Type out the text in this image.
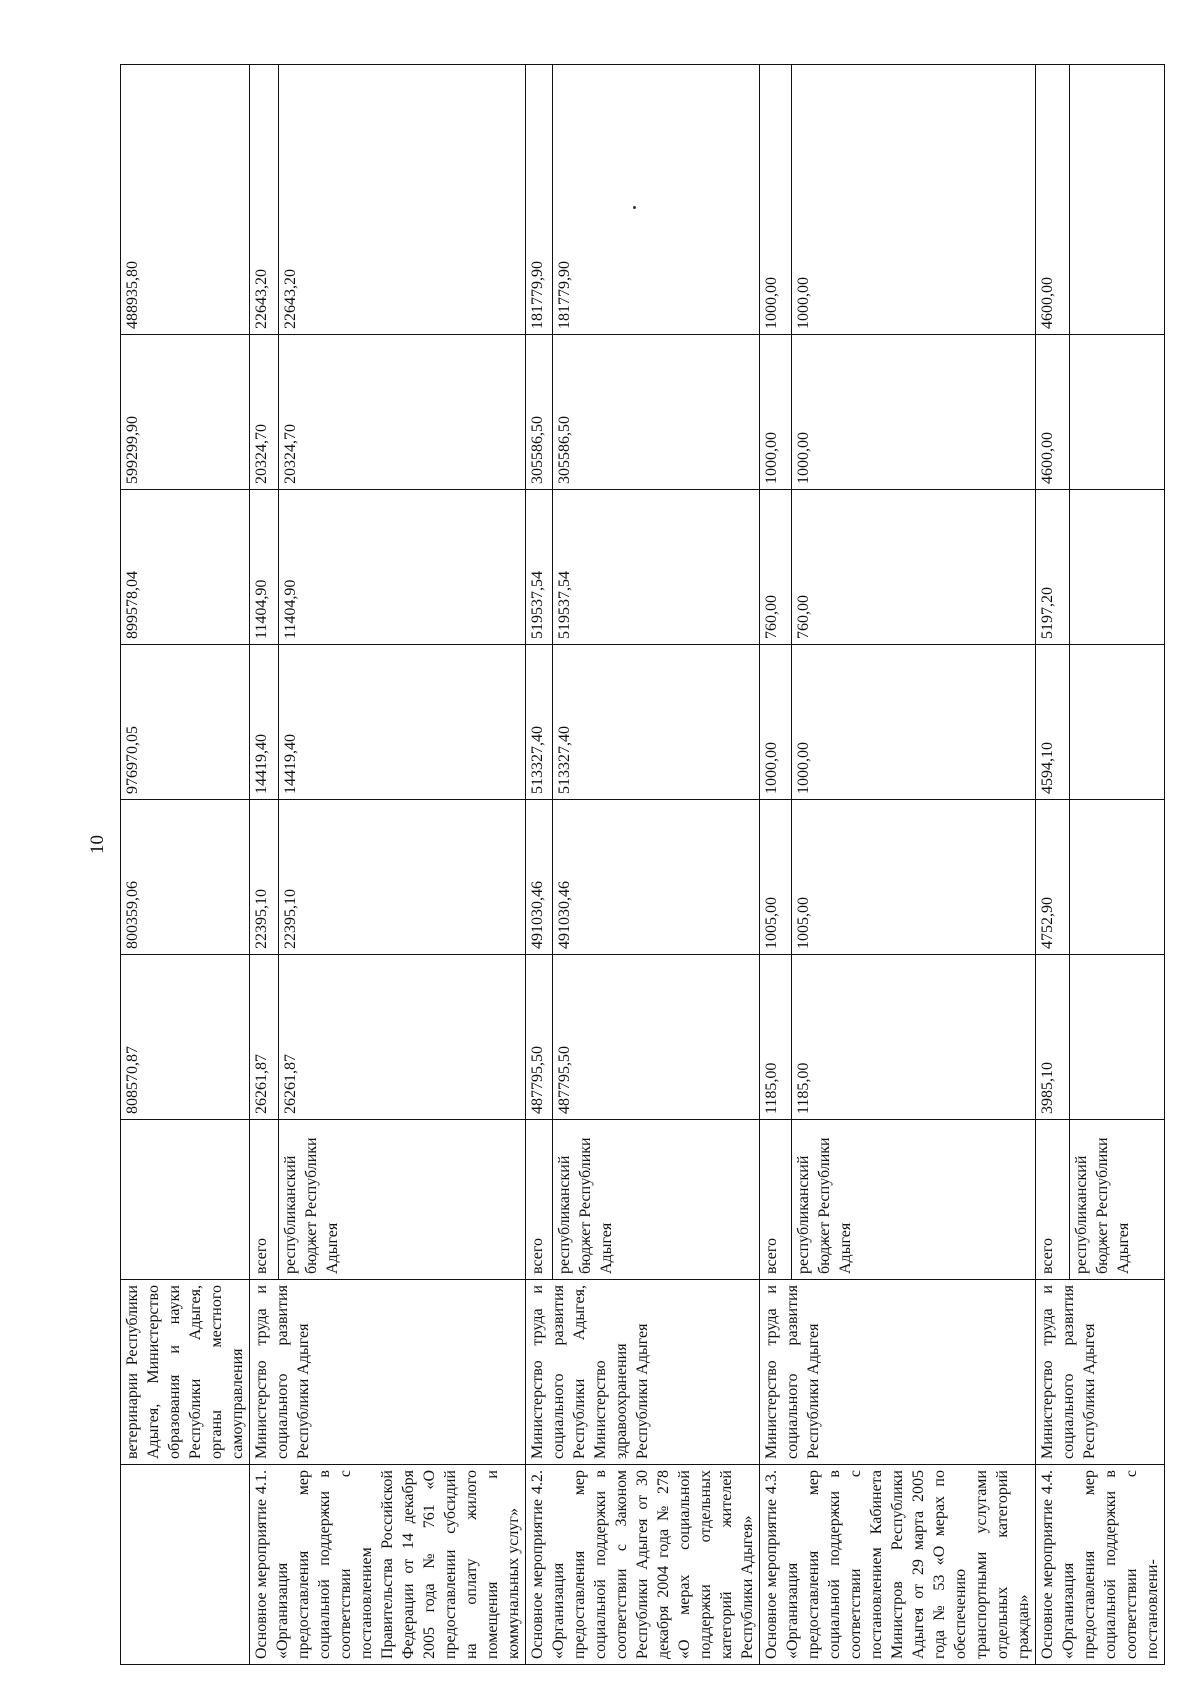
10
	ветеринарии Республики Адыгея, Министерство образования и науки Республики Адыгея, органы местного самоуправления		808570,87	800359,06	976970,05	899578,04	599299,90	488935,80
Основное мероприятие 4.1. «Организация предоставления мер социальной поддержки в соответствии с постановлением Правительства Российской Федерации от 14 декабря 2005 года № 761 «О предоставлении субсидий на оплату жилого помещения и коммунальных услуг»	Министерство труда и социального развития Республики Адыгея	всего	26261,87	22395,10	14419,40	11404,90	20324,70	22643,20
		республиканский бюджет Республики Адыгея	26261,87	22395,10	14419,40	11404,90	20324,70	22643,20
Основное мероприятие 4.2. «Организация предоставления мер социальной поддержки в соответствии с Законом Республики Адыгея от 30 декабря 2004 года № 278 «О мерах социальной поддержки отдельных категорий жителей Республики Адыгея»	Министерство труда и социального развития Республики Адыгея, Министерство здравоохранения Республики Адыгея	всего	487795,50	491030,46	513327,40	519537,54	305586,50	181779,90
		республиканский бюджет Республики Адыгея	487795,50	491030,46	513327,40	519537,54	305586,50	181779,90
Основное мероприятие 4.3. «Организация предоставления мер социальной поддержки в соответствии с постановлением Кабинета Министров Республики Адыгея от 29 марта 2005 года № 53 «О мерах по обеспечению транспортными услугами отдельных категорий граждан»	Министерство труда и социального развития Республики Адыгея	всего	1185,00	1005,00	1000,00	760,00	1000,00	1000,00
		республиканский бюджет Республики Адыгея	1185,00	1005,00	1000,00	760,00	1000,00	1000,00
Основное мероприятие 4.4. «Организация предоставления мер социальной поддержки в соответствии с постановлени-	Министерство труда и социального развития Республики Адыгея	всего	3985,10	4752,90	4594,10	5197,20	4600,00	4600,00
		республиканский бюджет Республики Адыгея						
